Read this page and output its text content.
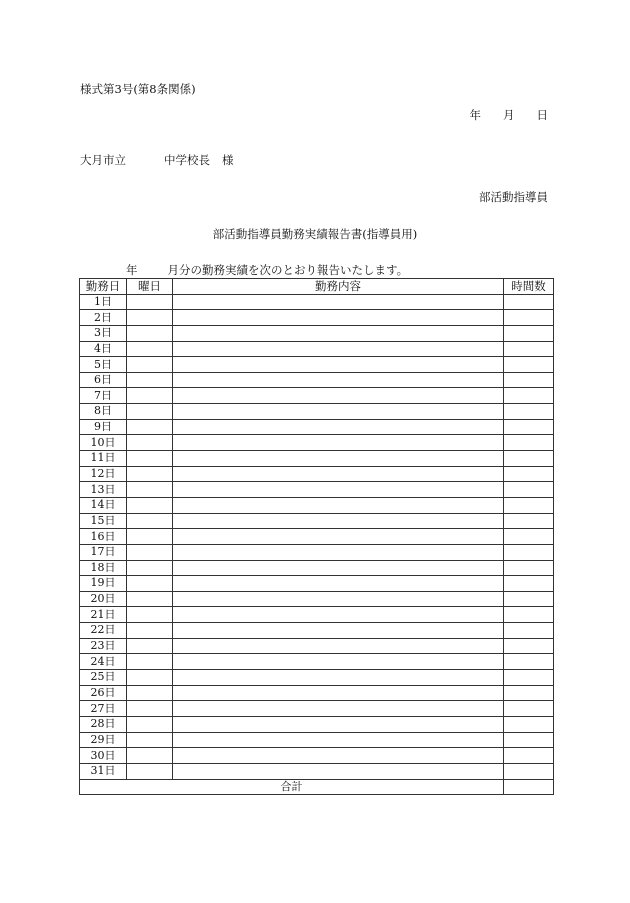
様式第3号(第8条関係)
年 月 日
大月市立	中学校長 様
部活動指導員
部活動指導員勤務実績報告書(指導員用)
年	月分の勤務実績を次のとおり報告いたします。
勤務日	曜日	勤務内容	時間数
1日			
2日			
3日			
4日			
5日			
6日			
7日			
8日			
9日			
10日			
11日			
12日			
13日			
14日			
15日			
16日			
17日			
18日			
19日			
20日			
21日			
22日			
23日			
24日			
25日			
26日			
27日			
28日			
29日			
30日			
31日			
合計			
